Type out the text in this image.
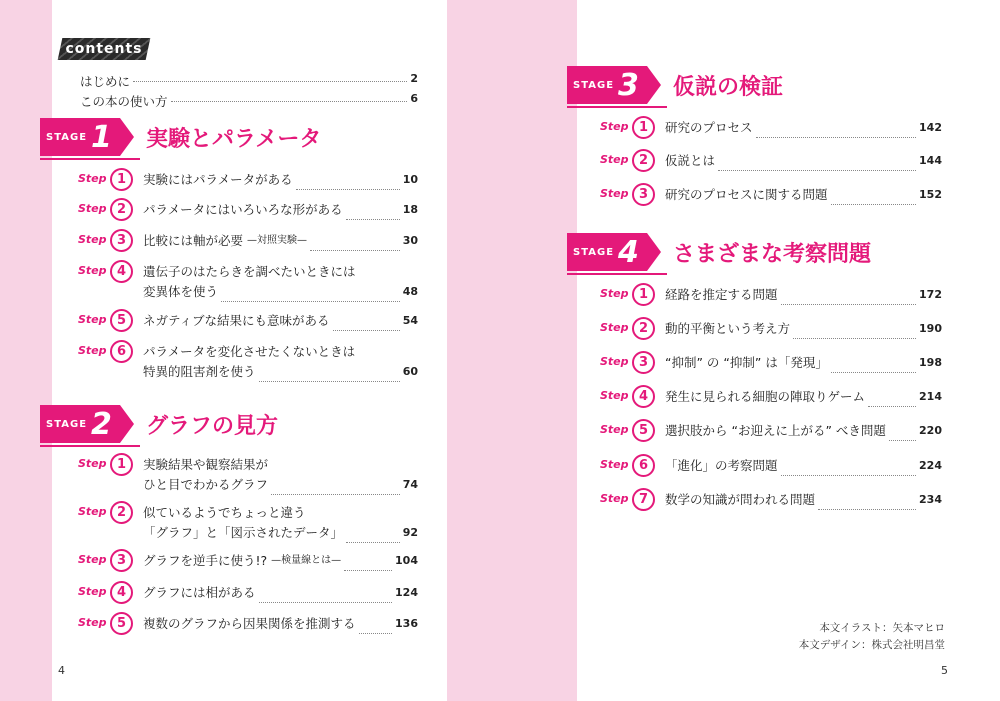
contents
はじめに	2
この本の使い方	6
STAGE 1 実験とパラメータ
Step 1	実験にはパラメータがある	10
Step 2	パラメータにはいろいろな形がある	18
Step 3	比較には軸が必要 —対照実験—	30
Step 4	遺伝子のはたらきを調べたいときには
変異体を使う	48
Step 5	ネガティブな結果にも意味がある	54
Step 6	パラメータを変化させたくないときは
特異的阻害剤を使う	60
STAGE 2 グラフの見方
Step 1	実験結果や観察結果が
ひと目でわかるグラフ	74
Step 2	似ているようでちょっと違う
「グラフ」と「図示されたデータ」	92
Step 3	グラフを逆手に使う!? —検量線とは—	104
Step 4	グラフには相がある	124
Step 5	複数のグラフから因果関係を推測する	136
4
STAGE 3 仮説の検証
Step 1	研究のプロセス	142
Step 2	仮説とは	144
Step 3	研究のプロセスに関する問題	152
STAGE 4 さまざまな考察問題
Step 1	経路を推定する問題	172
Step 2	動的平衡という考え方	190
Step 3	“抑制” の “抑制” は「発現」	198
Step 4	発生に見られる細胞の陣取りゲーム	214
Step 5	選択肢から “お迎えに上がる” べき問題	220
Step 6	「進化」の考察問題	224
Step 7	数学の知識が問われる問題	234
本文イラスト：矢本マヒロ
本文デザイン：株式会社明昌堂
5
